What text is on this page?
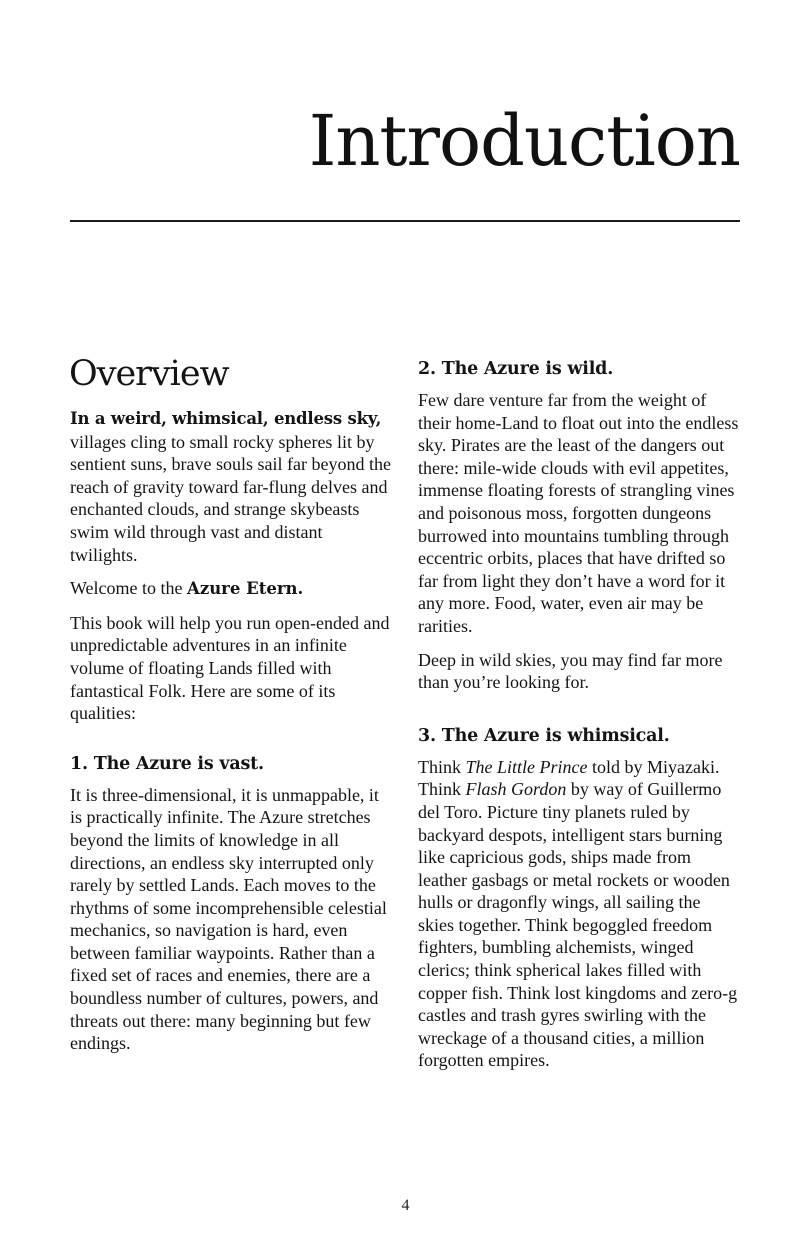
Introduction
Overview

In a weird, whimsical, endless sky, villages cling to small rocky spheres lit by sentient suns, brave souls sail far beyond the reach of gravity toward far-flung delves and enchanted clouds, and strange skybeasts swim wild through vast and distant twilights.

Welcome to the Azure Etern.

This book will help you run open-ended and unpredictable adventures in an infinite volume of floating Lands filled with fantastical Folk. Here are some of its qualities:

1. The Azure is vast.

It is three-dimensional, it is unmappable, it is practically infinite. The Azure stretches beyond the limits of knowledge in all directions, an endless sky interrupted only rarely by settled Lands. Each moves to the rhythms of some incomprehensible celestial mechanics, so navigation is hard, even between familiar waypoints. Rather than a fixed set of races and enemies, there are a boundless number of cultures, powers, and threats out there: many beginning but few endings.

2. The Azure is wild.

Few dare venture far from the weight of their home-Land to float out into the endless sky. Pirates are the least of the dangers out there: mile-wide clouds with evil appetites, immense floating forests of strangling vines and poisonous moss, forgotten dungeons burrowed into mountains tumbling through eccentric orbits, places that have drifted so far from light they don’t have a word for it any more. Food, water, even air may be rarities.

Deep in wild skies, you may find far more than you’re looking for.

3. The Azure is whimsical.

Think The Little Prince told by Miyazaki. Think Flash Gordon by way of Guillermo del Toro. Picture tiny planets ruled by backyard despots, intelligent stars burning like capricious gods, ships made from leather gasbags or metal rockets or wooden hulls or dragonfly wings, all sailing the skies together. Think begoggled freedom fighters, bumbling alchemists, winged clerics; think spherical lakes filled with copper fish. Think lost kingdoms and zero-g castles and trash gyres swirling with the wreckage of a thousand cities, a million forgotten empires.

4
